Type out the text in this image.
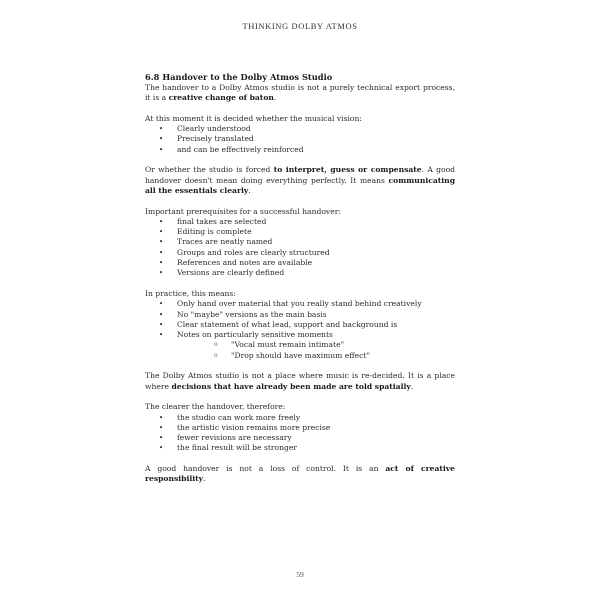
THINKING DOLBY ATMOS
6.8 Handover to the Dolby Atmos Studio

The handover to a Dolby Atmos studio is not a purely technical export process, it is a creative change of baton.

At this moment it is decided whether the musical vision:

• Clearly understood
• Precisely translated
• and can be effectively reinforced

Or whether the studio is forced to interpret, guess or compensate. A good handover doesn't mean doing everything perfectly. It means communicating all the essentials clearly.

Important prerequisites for a successful handover:

• final takes are selected
• Editing is complete
• Traces are neatly named
• Groups and roles are clearly structured
• References and notes are available
• Versions are clearly defined

In practice, this means:

• Only hand over material that you really stand behind creatively
• No "maybe" versions as the main basis
• Clear statement of what lead, support and background is
• Notes on particularly sensitive moments
o "Vocal must remain intimate"
o "Drop should have maximum effect"

The Dolby Atmos studio is not a place where music is re-decided. It is a place where decisions that have already been made are told spatially.

The clearer the handover, therefore:

• the studio can work more freely
• the artistic vision remains more precise
• fewer revisions are necessary
• the final result will be stronger

A good handover is not a loss of control. It is an act of creative responsibility.

59
